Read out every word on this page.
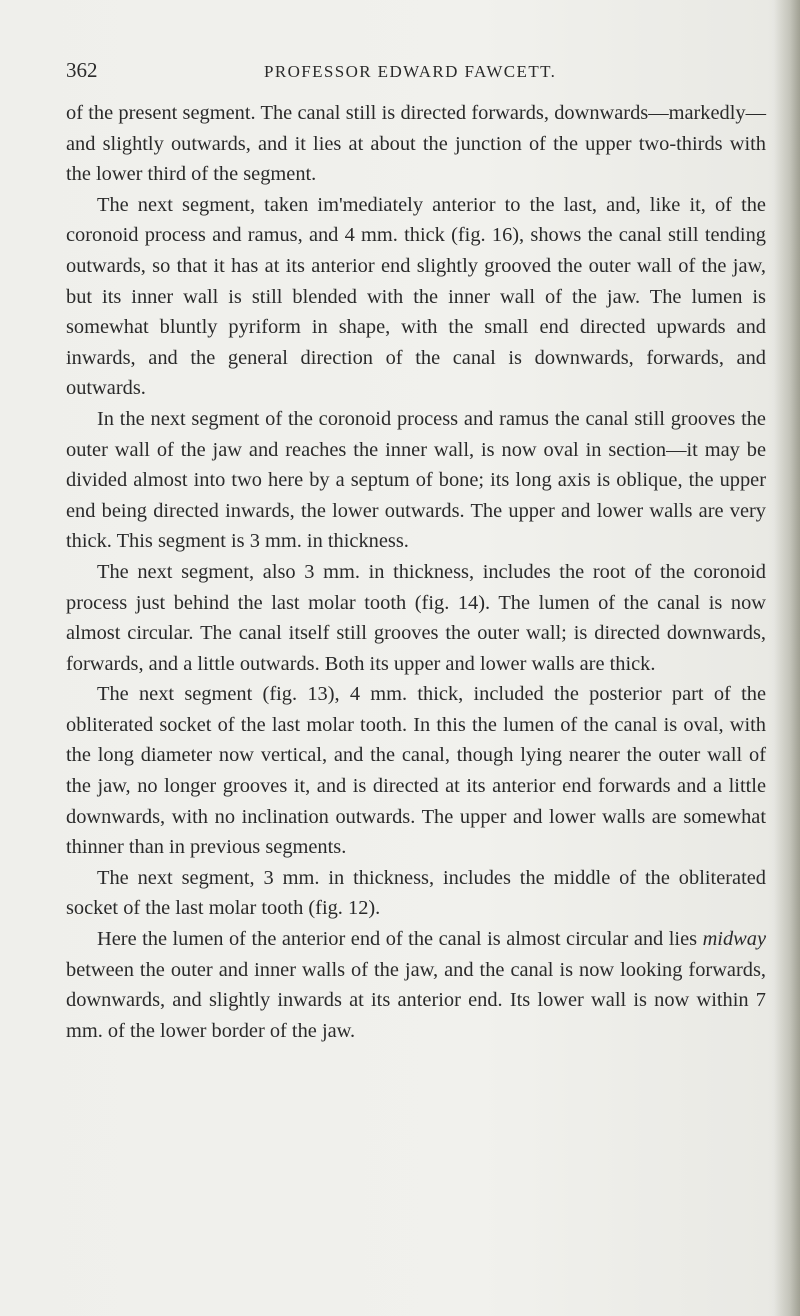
362	PROFESSOR EDWARD FAWCETT.

of the present segment. The canal still is directed forwards, downwards—markedly—and slightly outwards, and it lies at about the junction of the upper two-thirds with the lower third of the segment.

The next segment, taken im'mediately anterior to the last, and, like it, of the coronoid process and ramus, and 4 mm. thick (fig. 16), shows the canal still tending outwards, so that it has at its anterior end slightly grooved the outer wall of the jaw, but its inner wall is still blended with the inner wall of the jaw. The lumen is somewhat bluntly pyriform in shape, with the small end directed upwards and inwards, and the general direction of the canal is downwards, forwards, and outwards.

In the next segment of the coronoid process and ramus the canal still grooves the outer wall of the jaw and reaches the inner wall, is now oval in section—it may be divided almost into two here by a septum of bone; its long axis is oblique, the upper end being directed inwards, the lower outwards. The upper and lower walls are very thick. This segment is 3 mm. in thickness.

The next segment, also 3 mm. in thickness, includes the root of the coronoid process just behind the last molar tooth (fig. 14). The lumen of the canal is now almost circular. The canal itself still grooves the outer wall; is directed downwards, forwards, and a little outwards. Both its upper and lower walls are thick.

The next segment (fig. 13), 4 mm. thick, included the posterior part of the obliterated socket of the last molar tooth. In this the lumen of the canal is oval, with the long diameter now vertical, and the canal, though lying nearer the outer wall of the jaw, no longer grooves it, and is directed at its anterior end forwards and a little downwards, with no inclination outwards. The upper and lower walls are somewhat thinner than in previous segments.

The next segment, 3 mm. in thickness, includes the middle of the obliterated socket of the last molar tooth (fig. 12).

Here the lumen of the anterior end of the canal is almost circular and lies midway between the outer and inner walls of the jaw, and the canal is now looking forwards, downwards, and slightly inwards at its anterior end. Its lower wall is now within 7 mm. of the lower border of the jaw.
